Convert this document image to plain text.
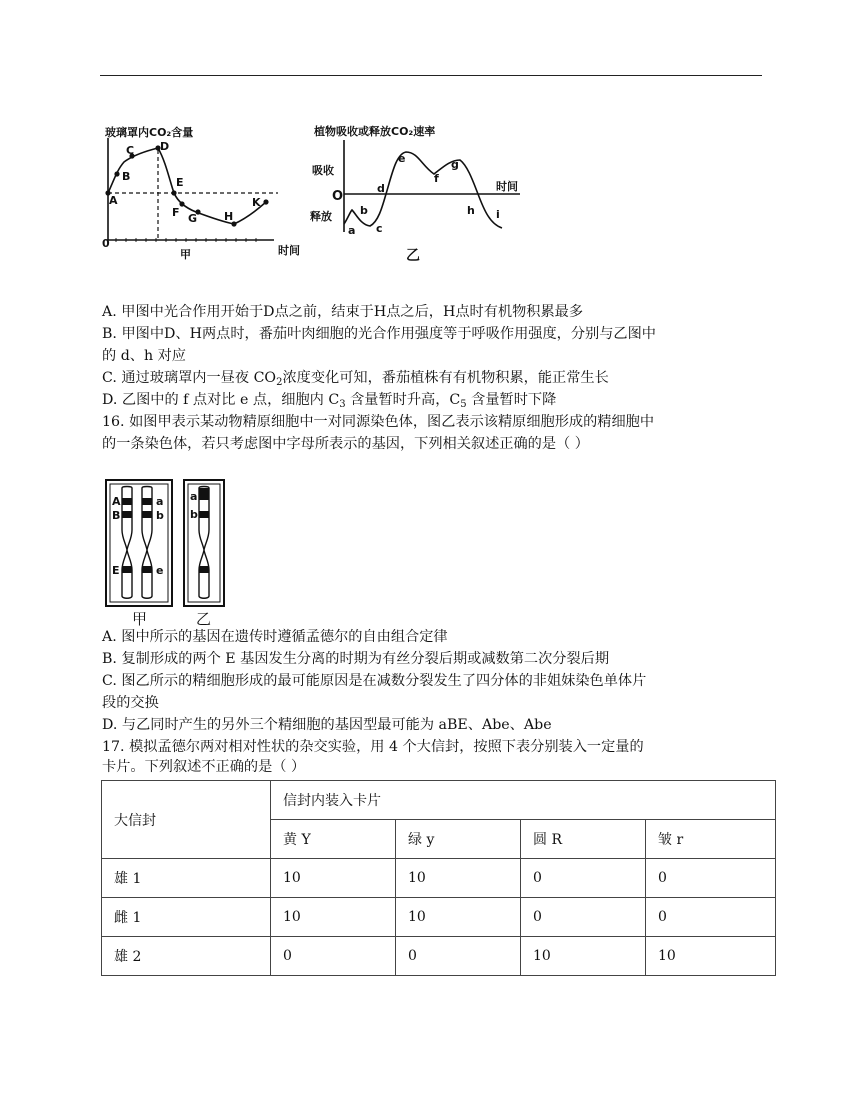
玻璃罩内CO₂含量
0
甲	时间
A
B
C D
E
F G H
K
植物吸收或释放CO₂速率
吸收
释放
O
时间
乙
a
b
c
d
e
f
g
h i
A. 甲图中光合作用开始于D点之前，结束于H点之后，H点时有机物积累最多
B. 甲图中D、H两点时，番茄叶肉细胞的光合作用强度等于呼吸作用强度，分别与乙图中
的 d、h 对应
C. 通过玻璃罩内一昼夜 $CO_2$浓度变化可知，番茄植株有有机物积累，能正常生长
D. 乙图中的 f 点对比 e 点，细胞内 $C_3$ 含量暂时升高，$C_5$ 含量暂时下降
16. 如图甲表示某动物精原细胞中一对同源染色体，图乙表示该精原细胞形成的精细胞中
的一条染色体，若只考虑图中字母所表示的基因，下列相关叙述正确的是（ ）
A
B
E
a
b
e
a
b
甲	乙
A. 图中所示的基因在遗传时遵循孟德尔的自由组合定律
B. 复制形成的两个 E 基因发生分离的时期为有丝分裂后期或减数第二次分裂后期
C. 图乙所示的精细胞形成的最可能原因是在减数分裂发生了四分体的非姐妹染色单体片
段的交换
D. 与乙同时产生的另外三个精细胞的基因型最可能为 aBE、Abe、Abe
17. 模拟孟德尔两对相对性状的杂交实验，用 4 个大信封，按照下表分别装入一定量的
卡片。下列叙述不正确的是（ ）
大信封	信封内装入卡片			
	黄 Y	绿 y	圆 R	皱 r
雄 1	10	10	0	0
雌 1	10	10	0	0
雄 2	0	0	10	10
